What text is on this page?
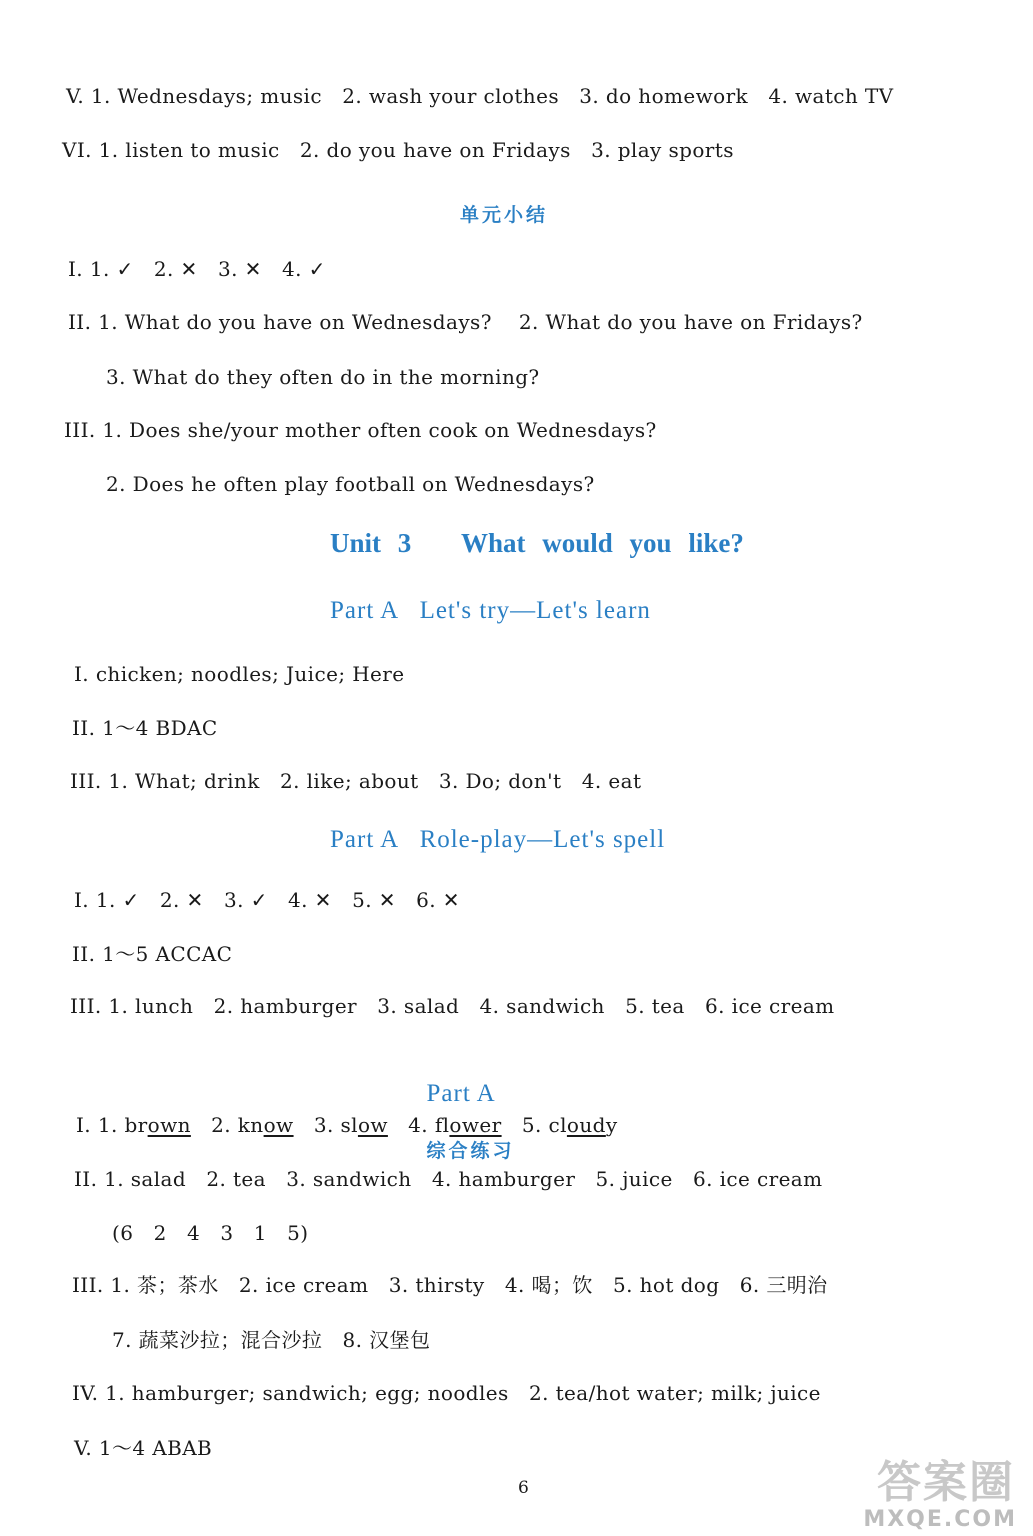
V. 1. Wednesdays; music   2. wash your clothes   3. do homework   4. watch TV
VI. 1. listen to music   2. do you have on Fridays   3. play sports
单元小结
I. 1. ✓   2. ✕   3. ✕   4. ✓
II. 1. What do you have on Wednesdays?    2. What do you have on Fridays?
3. What do they often do in the morning?
III. 1. Does she/your mother often cook on Wednesdays?
2. Does he often play football on Wednesdays?
Unit 3   What would you like?
Part A   Let's try—Let's learn
I. chicken; noodles; Juice; Here
II. 1～4 BDAC
III. 1. What; drink   2. like; about   3. Do; don't   4. eat
Part A   Role-play—Let's spell
I. 1. ✓   2. ✕   3. ✓   4. ✕   5. ✕   6. ✕
II. 1～5 ACCAC
III. 1. lunch   2. hamburger   3. salad   4. sandwich   5. tea   6. ice cream

Part A

综合练习

I. 1. brown   2. know   3. slow   4. flower   5. cloudy
II. 1. salad   2. tea   3. sandwich   4. hamburger   5. juice   6. ice cream
(6   2   4   3   1   5)
III. 1. 茶；茶水   2. ice cream   3. thirsty   4. 喝；饮   5. hot dog   6. 三明治
7. 蔬菜沙拉；混合沙拉   8. 汉堡包
IV. 1. hamburger; sandwich; egg; noodles   2. tea/hot water; milk; juice
V. 1～4 ABAB
6	答案圈
MXQE.COM
